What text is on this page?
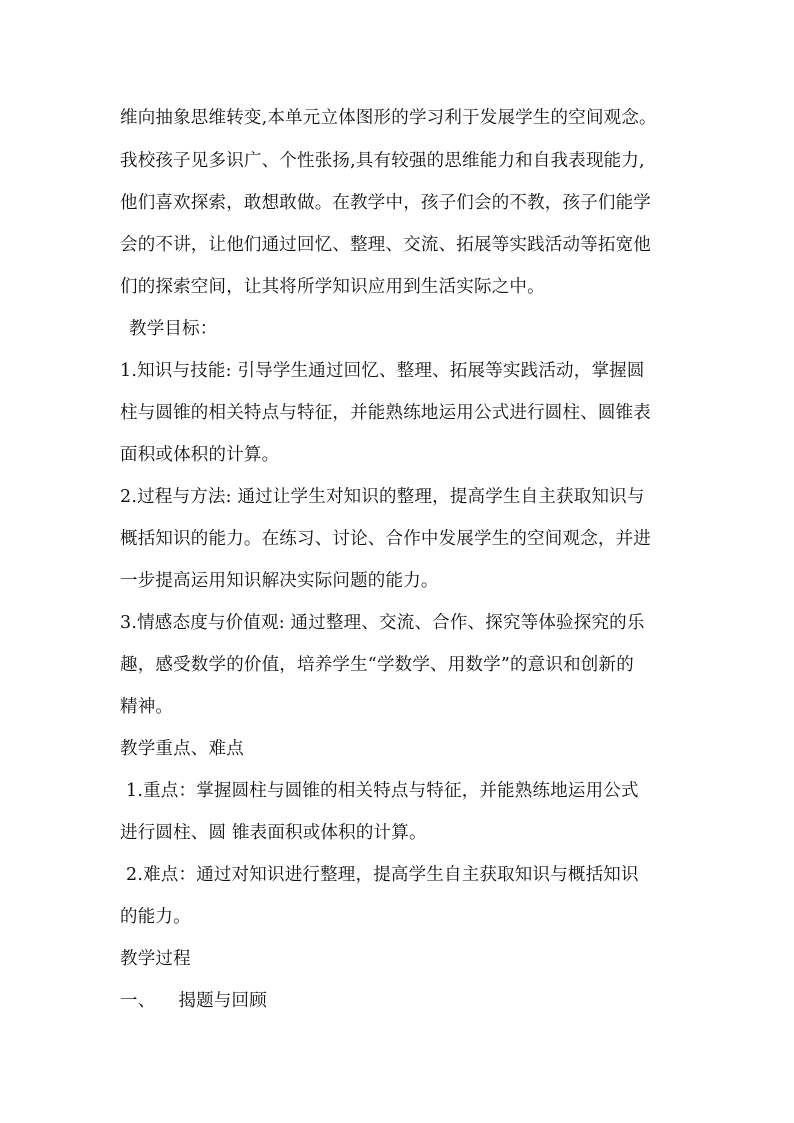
维向抽象思维转变,本单元立体图形的学习利于发展学生的空间观念。
我校孩子见多识广、个性张扬,具有较强的思维能力和自我表现能力,
他们喜欢探索，敢想敢做。在教学中，孩子们会的不教，孩子们能学
会的不讲，让他们通过回忆、整理、交流、拓展等实践活动等拓宽他
们的探索空间，让其将所学知识应用到生活实际之中。
教学目标：
1.知识与技能: 引导学生通过回忆、整理、拓展等实践活动，掌握圆
柱与圆锥的相关特点与特征，并能熟练地运用公式进行圆柱、圆锥表
面积或体积的计算。
2.过程与方法: 通过让学生对知识的整理，提高学生自主获取知识与
概括知识的能力。在练习、讨论、合作中发展学生的空间观念，并进
一步提高运用知识解决实际问题的能力。
3.情感态度与价值观: 通过整理、交流、合作、探究等体验探究的乐
趣，感受数学的价值，培养学生“学数学、用数学”的意识和创新的
精神。
教学重点、难点
1.重点：掌握圆柱与圆锥的相关特点与特征，并能熟练地运用公式
进行圆柱、圆 锥表面积或体积的计算。
2.难点：通过对知识进行整理，提高学生自主获取知识与概括知识
的能力。
教学过程
一、    揭题与回顾
